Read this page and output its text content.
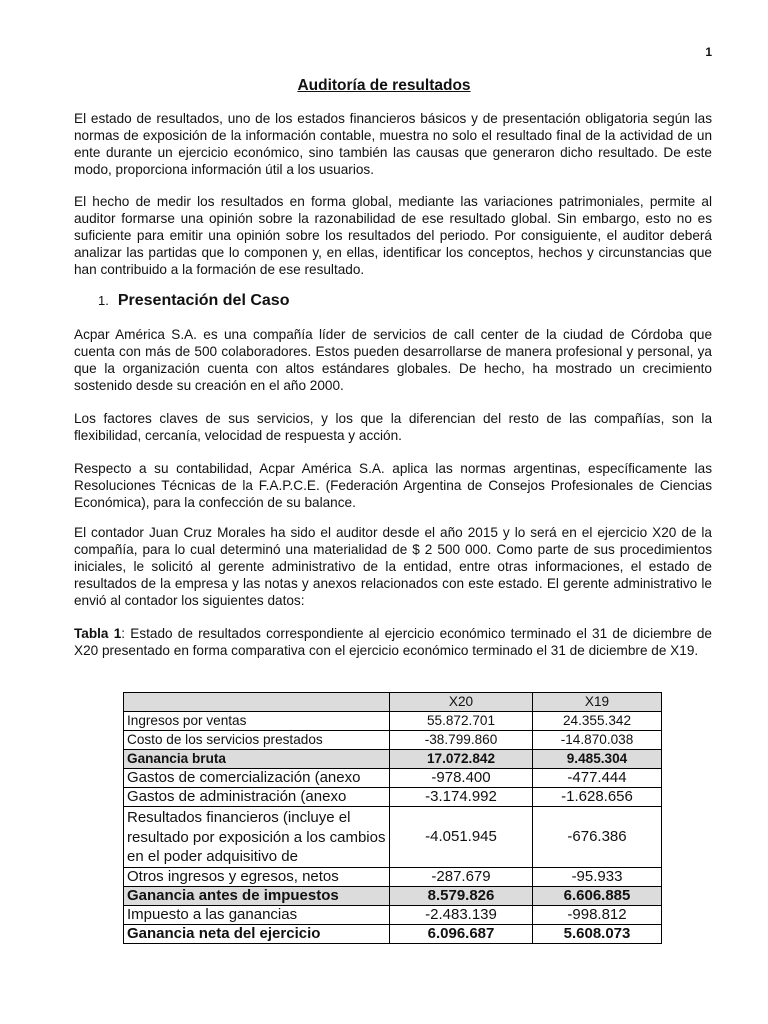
1
Auditoría de resultados

El estado de resultados, uno de los estados financieros básicos y de presentación obligatoria según las normas de exposición de la información contable, muestra no solo el resultado final de la actividad de un ente durante un ejercicio económico, sino también las causas que generaron dicho resultado. De este modo, proporciona información útil a los usuarios.

El hecho de medir los resultados en forma global, mediante las variaciones patrimoniales, permite al auditor formarse una opinión sobre la razonabilidad de ese resultado global. Sin embargo, esto no es suficiente para emitir una opinión sobre los resultados del periodo. Por consiguiente, el auditor deberá analizar las partidas que lo componen y, en ellas, identificar los conceptos, hechos y circunstancias que han contribuido a la formación de ese resultado.

1. Presentación del Caso

Acpar América S.A. es una compañía líder de servicios de call center de la ciudad de Córdoba que cuenta con más de 500 colaboradores. Estos pueden desarrollarse de manera profesional y personal, ya que la organización cuenta con altos estándares globales. De hecho, ha mostrado un crecimiento sostenido desde su creación en el año 2000.

Los factores claves de sus servicios, y los que la diferencian del resto de las compañías, son la flexibilidad, cercanía, velocidad de respuesta y acción.

Respecto a su contabilidad, Acpar América S.A. aplica las normas argentinas, específicamente las Resoluciones Técnicas de la F.A.P.C.E. (Federación Argentina de Consejos Profesionales de Ciencias Económica), para la confección de su balance.

El contador Juan Cruz Morales ha sido el auditor desde el año 2015 y lo será en el ejercicio X20 de la compañía, para lo cual determinó una materialidad de $ 2 500 000. Como parte de sus procedimientos iniciales, le solicitó al gerente administrativo de la entidad, entre otras informaciones, el estado de resultados de la empresa y las notas y anexos relacionados con este estado. El gerente administrativo le envió al contador los siguientes datos:

Tabla 1: Estado de resultados correspondiente al ejercicio económico terminado el 31 de diciembre de X20 presentado en forma comparativa con el ejercicio económico terminado el 31 de diciembre de X19.

	X20	X19
Ingresos por ventas	55.872.701	24.355.342
Costo de los servicios prestados	-38.799.860	-14.870.038
Ganancia bruta	17.072.842	9.485.304
Gastos de comercialización (anexo	-978.400	-477.444
Gastos de administración (anexo	-3.174.992	-1.628.656
Resultados financieros (incluye el resultado por exposición a los cambios en el poder adquisitivo de	-4.051.945	-676.386
Otros ingresos y egresos, netos	-287.679	-95.933
Ganancia antes de impuestos	8.579.826	6.606.885
Impuesto a las ganancias	-2.483.139	-998.812
Ganancia neta del ejercicio	6.096.687	5.608.073
